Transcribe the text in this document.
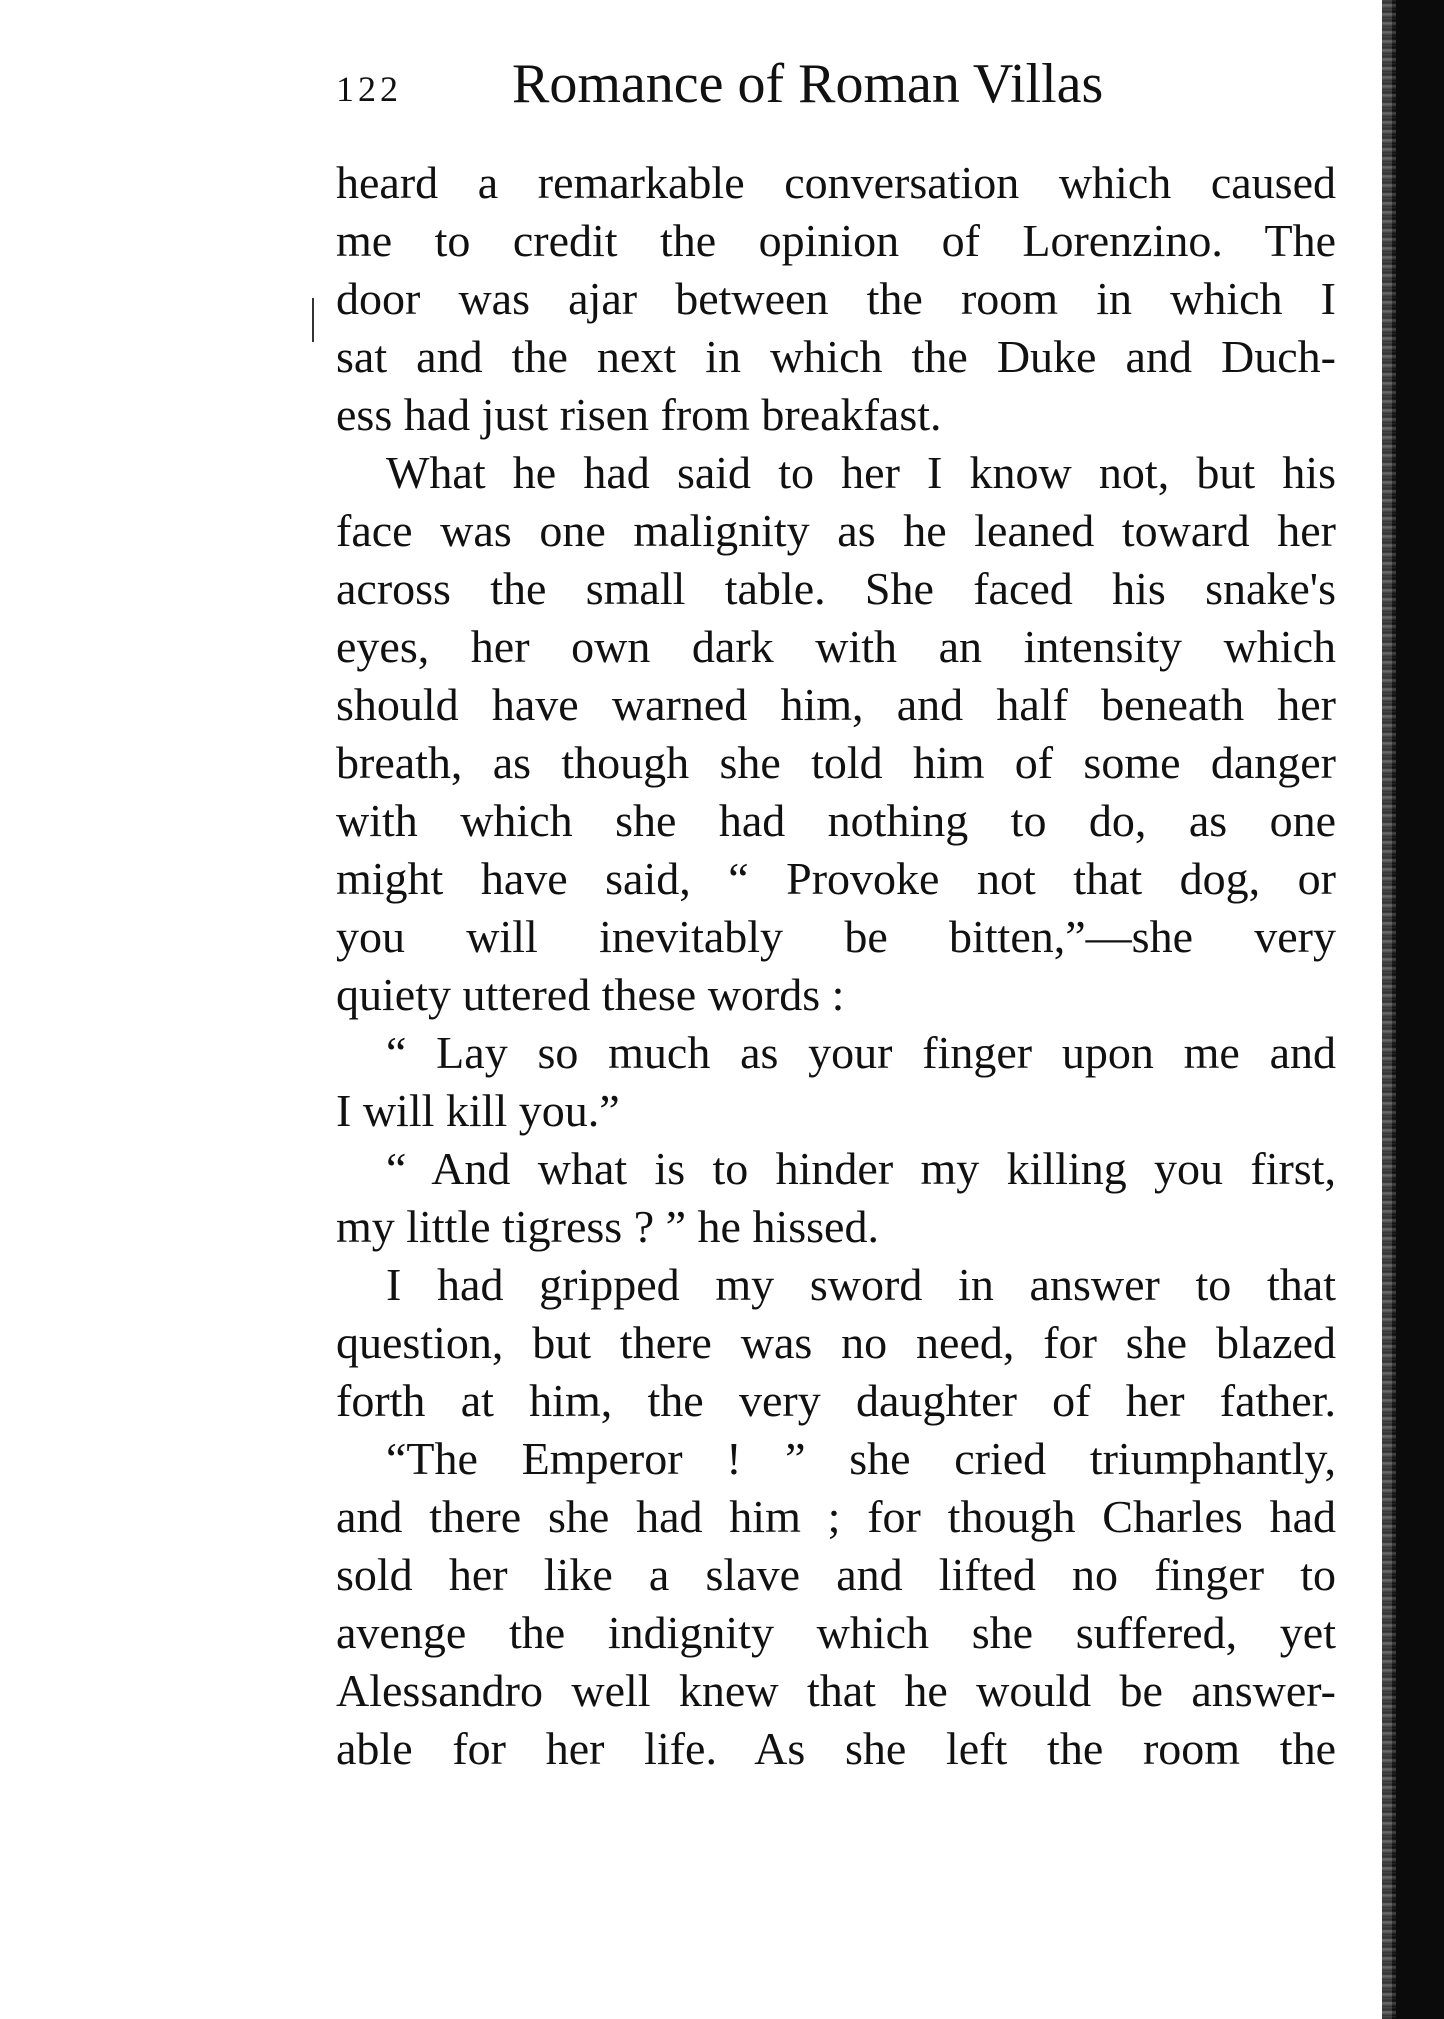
122 Romance of Roman Villas
heard a remarkable conversation which caused
me to credit the opinion of Lorenzino. The
door was ajar between the room in which I
sat and the next in which the Duke and Duch-
ess had just risen from breakfast.
What he had said to her I know not, but his
face was one malignity as he leaned toward her
across the small table. She faced his snake's
eyes, her own dark with an intensity which
should have warned him, and half beneath her
breath, as though she told him of some danger
with which she had nothing to do, as one
might have said, “ Provoke not that dog, or
you will inevitably be bitten,”—she very
quiety uttered these words :
“ Lay so much as your finger upon me and
I will kill you.”
“ And what is to hinder my killing you first,
my little tigress ? ” he hissed.
I had gripped my sword in answer to that
question, but there was no need, for she blazed
forth at him, the very daughter of her father.
“The Emperor ! ” she cried triumphantly,
and there she had him ; for though Charles had
sold her like a slave and lifted no finger to
avenge the indignity which she suffered, yet
Alessandro well knew that he would be answer-
able for her life. As she left the room the
